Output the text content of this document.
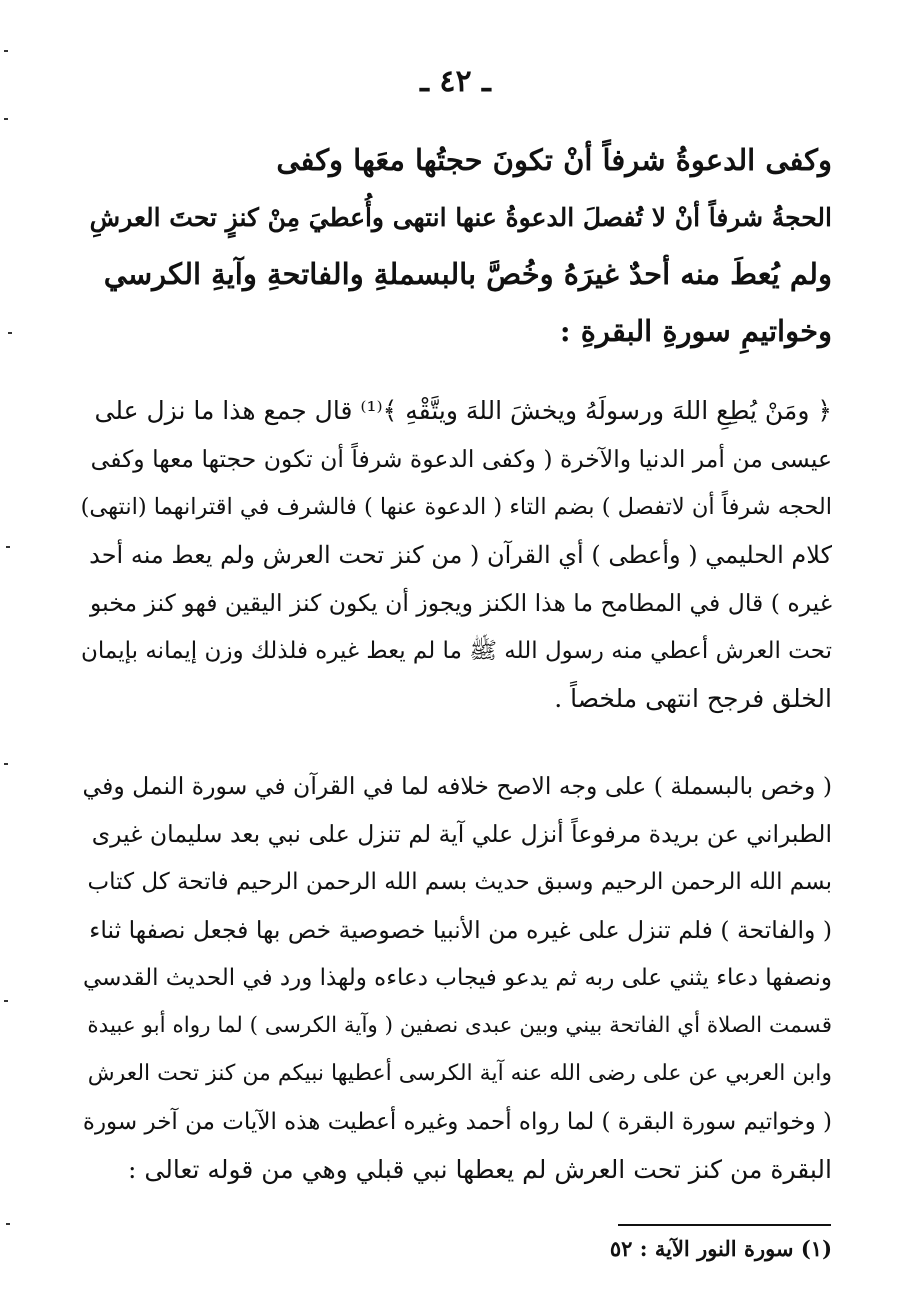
ـ ٤٢ ـ
وكفى الدعوةُ شرفاً أنْ تكونَ حجتُها معَها وكفى
الحجةُ شرفاً أنْ لا تُفصلَ الدعوةُ عنها انتهى وأُعطيَ مِنْ كنزٍ تحتَ العرشِ
ولم يُعطَ منه أحدٌ غيرَهُ وخُصَّ بالبسملةِ والفاتحةِ وآيةِ الكرسي
وخواتيمِ سورةِ البقرةِ :
﴿ ومَنْ يُطِعِ اللهَ ورسولَهُ ويخشَ اللهَ ويتَّقْهِ ﴾⁽¹⁾ قال جمع هذا ما نزل على
عيسى من أمر الدنيا والآخرة ( وكفى الدعوة شرفاً أن تكون حجتها معها وكفى
الحجه شرفاً أن لاتفصل ) بضم التاء ( الدعوة عنها ) فالشرف في اقترانهما (انتهى)
كلام الحليمي ( وأعطى ) أي القرآن ( من كنز تحت العرش ولم يعط منه أحد
غيره ) قال في المطامح ما هذا الكنز ويجوز أن يكون كنز اليقين فهو كنز مخبو
تحت العرش أعطي منه رسول الله ﷺ ما لم يعط غيره فلذلك وزن إيمانه بإيمان
الخلق فرجح انتهى ملخصاً .
( وخص بالبسملة ) على وجه الاصح خلافه لما في القرآن في سورة النمل وفي
الطبراني عن بريدة مرفوعاً أنزل علي آية لم تنزل على نبي بعد سليمان غيرى
بسم الله الرحمن الرحيم وسبق حديث بسم الله الرحمن الرحيم فاتحة كل كتاب
( والفاتحة ) فلم تنزل على غيره من الأنبيا خصوصية خص بها فجعل نصفها ثناء
ونصفها دعاء يثني على ربه ثم يدعو فيجاب دعاءه ولهذا ورد في الحديث القدسي
قسمت الصلاة أي الفاتحة بيني وبين عبدى نصفين ( وآية الكرسى ) لما رواه أبو عبيدة
وابن العربي عن على رضى الله عنه آية الكرسى أعطيها نبيكم من كنز تحت العرش
( وخواتيم سورة البقرة ) لما رواه أحمد وغيره أعطيت هذه الآيات من آخر سورة
البقرة من كنز تحت العرش لم يعطها نبي قبلي وهي من قوله تعالى :
(١) سورة النور الآية : ٥٢
